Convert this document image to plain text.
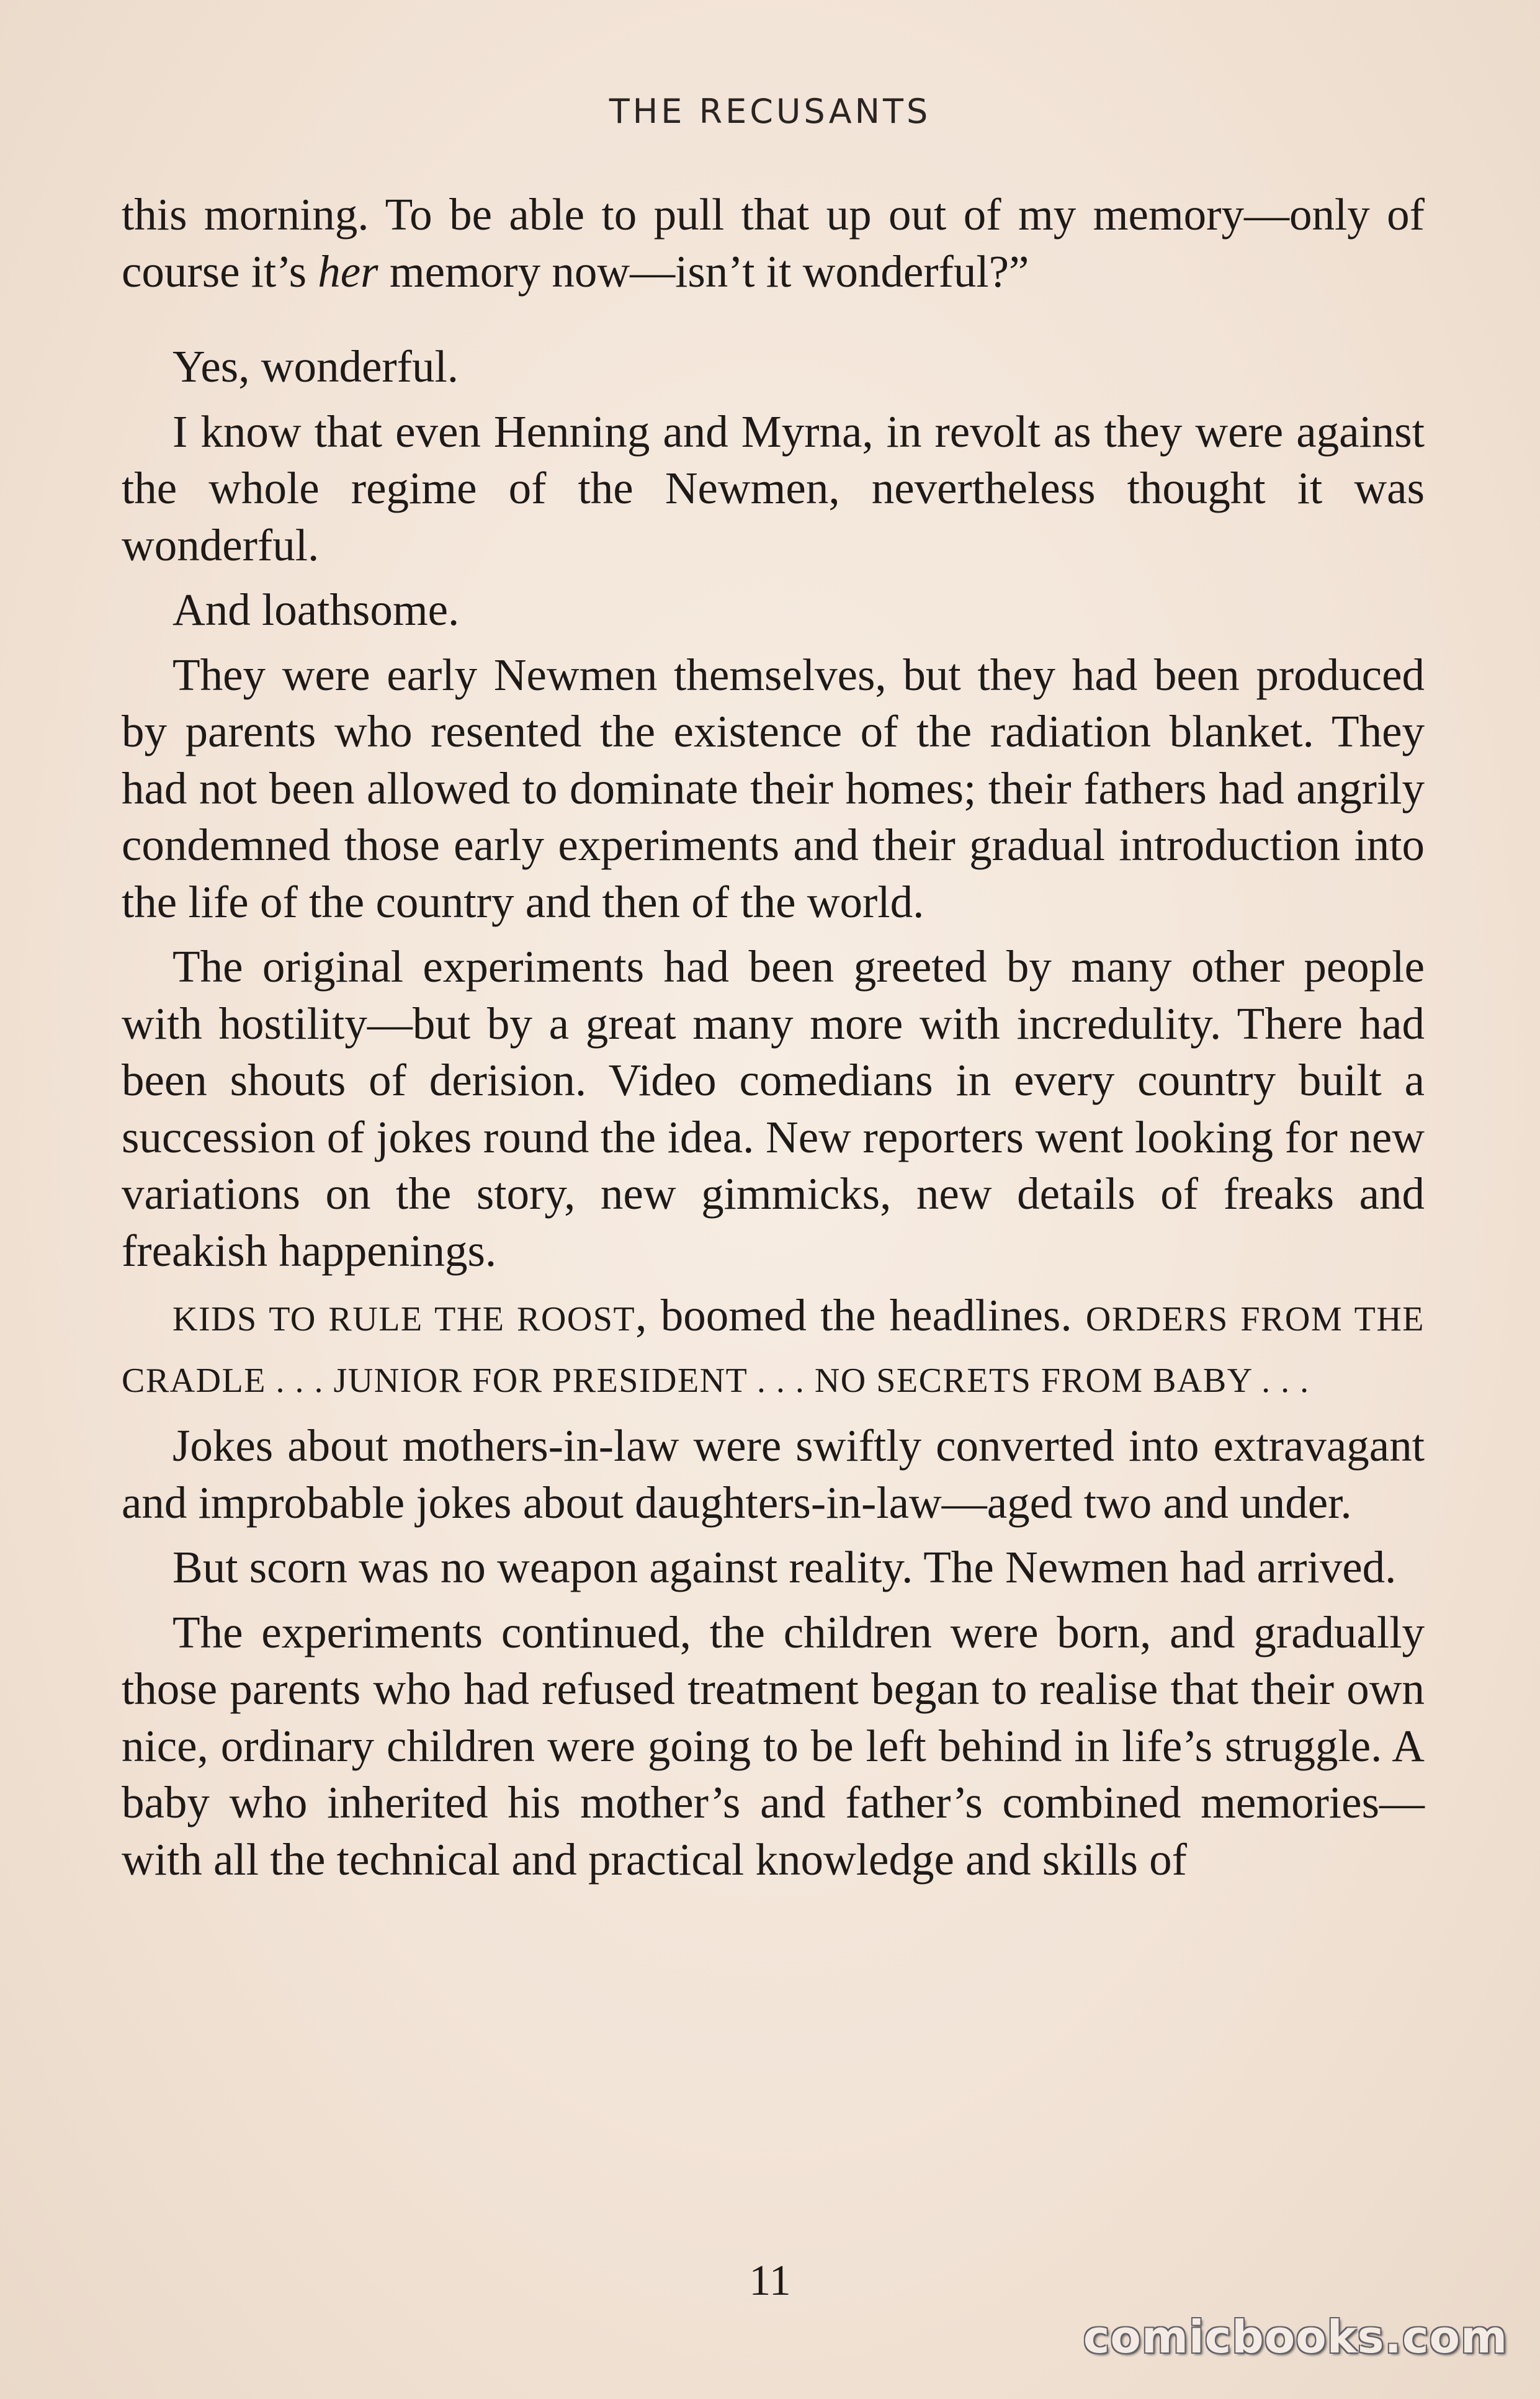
THE RECUSANTS

this morning. To be able to pull that up out of my memory—only of course it’s her memory now—isn’t it wonderful?”

Yes, wonderful.

I know that even Henning and Myrna, in revolt as they were against the whole regime of the Newmen, nevertheless thought it was wonderful.

And loathsome.

They were early Newmen themselves, but they had been produced by parents who resented the existence of the radiation blanket. They had not been allowed to dominate their homes; their fathers had angrily condemned those early experiments and their gradual introduction into the life of the country and then of the world.

The original experiments had been greeted by many other people with hostility—but by a great many more with incredulity. There had been shouts of derision. Video comedians in every country built a succession of jokes round the idea. New reporters went looking for new variations on the story, new gimmicks, new details of freaks and freakish happenings.

KIDS TO RULE THE ROOST, boomed the headlines. ORDERS FROM THE CRADLE . . . JUNIOR FOR PRESIDENT . . . NO SECRETS FROM BABY . . .

Jokes about mothers-in-law were swiftly converted into extravagant and improbable jokes about daughters-in-law—aged two and under.

But scorn was no weapon against reality. The Newmen had arrived.

The experiments continued, the children were born, and gradually those parents who had refused treatment began to realise that their own nice, ordinary children were going to be left behind in life’s struggle. A baby who inherited his mother’s and father’s combined memories—with all the technical and practical knowledge and skills of

11
comicbooks.com
